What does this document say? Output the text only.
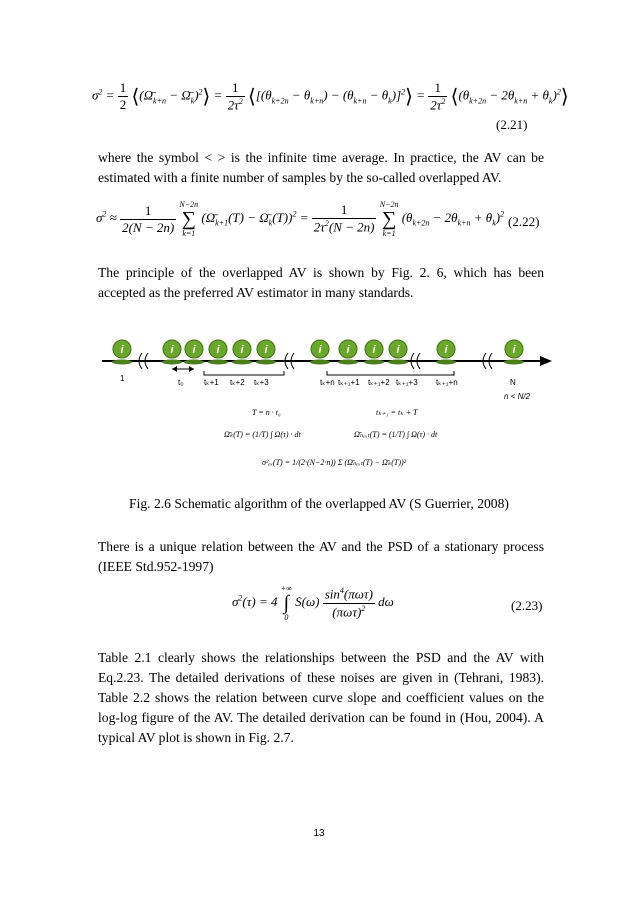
$\sigma^2 = \frac{1}{2}$ $⟨(\Omegā_{k+n}$ − $\Omegā_k)^2⟩ = \frac{1}{2\tau^2}$ $⟨[(\theta_{k+2n} - \theta_{k+n}) - (\theta_{k+n}$ − $\theta_k)]^2⟩ = \frac{1}{2\tau^2}$ $⟨(\theta_{k+2n} - 2\theta_{k+n}$ + $\theta_k)^2⟩$
(2.21)
where the symbol < > is the infinite time average. In practice, the AV can be estimated with a finite number of samples by the so-called overlapped AV.
$\sigma^2 \approx \frac{1}{2(N - 2n)} N-2n$
∑
k=1 ($\Omegā_{k+1}(T)$ − $\Omegā_k(T))^2 = \frac{1}{2\tau^2(N - 2n)} N-2n$
∑
k=1 $(\theta_{k+2n} - 2\theta_{k+n} + \theta_k)^2$ (2.22)
The principle of the overlapped AV is shown by Fig. 2. 6, which has been accepted as the preferred AV estimator in many standards.
i
1	t₀	tₖ+1 tₖ+2 tₖ+3	tₖ+n tₖ₊₁+1 tₖ₊₁+2 tₖ₊₁+3 tₖ₊₁+n	N
n < N/2
T = n · t₀	tₖ₊₁ = tₖ + T
Ω̄ₖ(T) = (1/T) ∫ Ω(τ) · dt	Ω̄ₙₑₓₜ(T) = (1/T) ∫ Ω(τ) · dt
σ²ₐᵥ(T) = 1/(2·(N−2·n)) Σ (Ω̄ₙₑₓₜ(T) − Ω̄ₖ(T))²
Fig. 2.6 Schematic algorithm of the overlapped AV (S Guerrier, 2008)
There is a unique relation between the AV and the PSD of a stationary process (IEEE Std.952-1997)
$\sigma^2(\tau) = 4$ +∞
∫
0 $S(\omega) \frac{\sin^4(\pi\omega\tau)}{(\pi\omega\tau)^2}$ dω	(2.23)
Table 2.1 clearly shows the relationships between the PSD and the AV with Eq.2.23. The detailed derivations of these noises are given in (Tehrani, 1983). Table 2.2 shows the relation between curve slope and coefficient values on the log-log figure of the AV. The detailed derivation can be found in (Hou, 2004). A typical AV plot is shown in Fig. 2.7.
13
